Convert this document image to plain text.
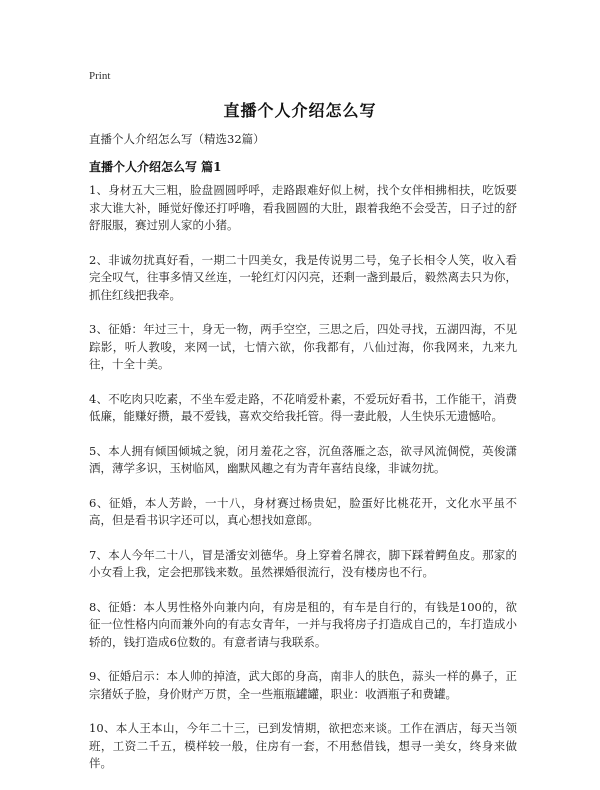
Print
直播个人介绍怎么写
直播个人介绍怎么写（精选32篇）
直播个人介绍怎么写 篇1

1、身材五大三粗，脸盘圆圆呼呼，走路跟难好似上树，找个女伴相拂相扶，吃饭要求大谁大补，睡觉好像还打呼噜，看我圆圆的大肚，跟着我绝不会受苦，日子过的舒舒服服，赛过别人家的小猪。

2、非诚勿扰真好看，一期二十四美女，我是传说男二号，兔子长相令人笑，收入看完全叹气，往事多情又丝连，一轮红灯闪闪亮，还剩一盏到最后，毅然离去只为你，抓住红线把我牵。

3、征婚：年过三十，身无一物，两手空空，三思之后，四处寻找，五湖四海，不见踪影，听人教唆，来网一试，七情六欲，你我都有，八仙过海，你我网来，九来九往，十全十美。

4、不吃肉只吃素，不坐车爱走路，不花哨爱朴素，不爱玩好看书，工作能干，消费低廉，能赚好攒，最不爱钱，喜欢交给我托管。得一妻此般，人生快乐无遗憾哈。

5、本人拥有倾国倾城之貌，闭月羞花之容，沉鱼落雁之态，欲寻风流倜傥，英俊潇洒，薄学多识，玉树临风，幽默风趣之有为青年喜结良缘，非诚勿扰。

6、征婚，本人芳龄，一十八，身材赛过杨贵妃，脸蛋好比桃花开，文化水平虽不高，但是看书识字还可以，真心想找如意郎。

7、本人今年二十八，冒是潘安刘德华。身上穿着名牌衣，脚下踩着鳄鱼皮。那家的小女看上我，定会把那钱来数。虽然裸婚很流行，没有楼房也不行。

8、征婚：本人男性格外向兼内向，有房是租的，有车是自行的，有钱是100的，欲征一位性格内向而兼外向的有志女青年，一并与我将房子打造成自己的，车打造成小轿的，钱打造成6位数的。有意者请与我联系。

9、征婚启示：本人帅的掉渣，武大郎的身高，南非人的肤色，蒜头一样的鼻子，正宗猪妖子脸，身价财产万贯，全一些瓶瓶罐罐，职业：收酒瓶子和费罐。

10、本人王本山，今年二十三，已到发情期，欲把恋来谈。工作在酒店，每天当领班，工资二千五，模样较一般，住房有一套，不用愁借钱，想寻一美女，终身来做伴。
